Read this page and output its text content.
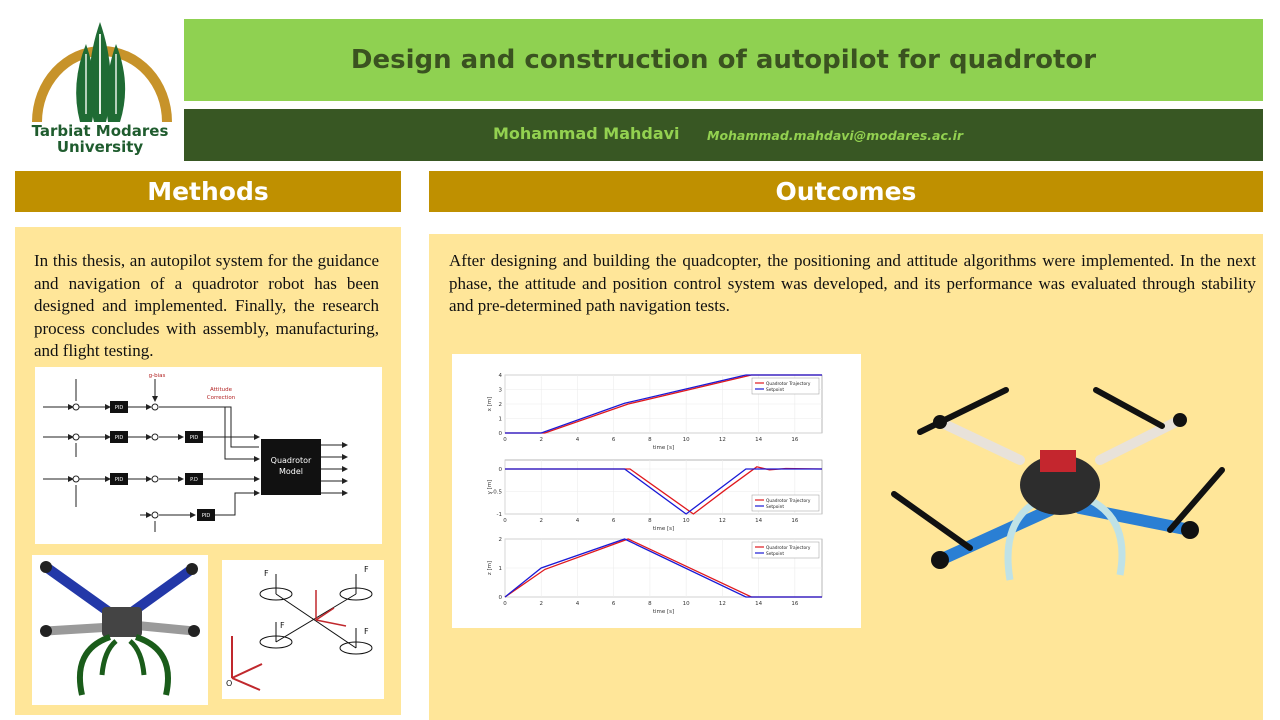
Tarbiat Modares
University
Design and construction of autopilot for quadrotor
Mohammad Mahdavi Mohammad.mahdavi@modares.ac.ir
Methods	Outcomes
In this thesis, an autopilot system for the guidance and navigation of a quadrotor robot has been designed and implemented. Finally, the research process concludes with assembly, manufacturing, and flight testing.
After designing and building the quadcopter, the positioning and attitude algorithms were implemented. In the next phase, the attitude and position control system was developed, and its performance was evaluated through stability and pre-determined path navigation tests.
PID
PID
PID
PID
P.D
PID
Quadrotor
Model
g-bias
Attitude
Correction
F	F
F
F
O
0	2	4	6	8	10	12	14	16
0
1
2
3
4
time [s]
x [m]
Quadrotor Trajectory
Setpoint
0	2	4	6	8	10	12	14	16
0
-0.5
-1
time [s]
y [m]
Quadrotor Trajectory
Setpoint
0	2	4	6	8	10	12	14	16
0
1
2
time [s]
z [m]
Quadrotor Trajectory
Setpoint
